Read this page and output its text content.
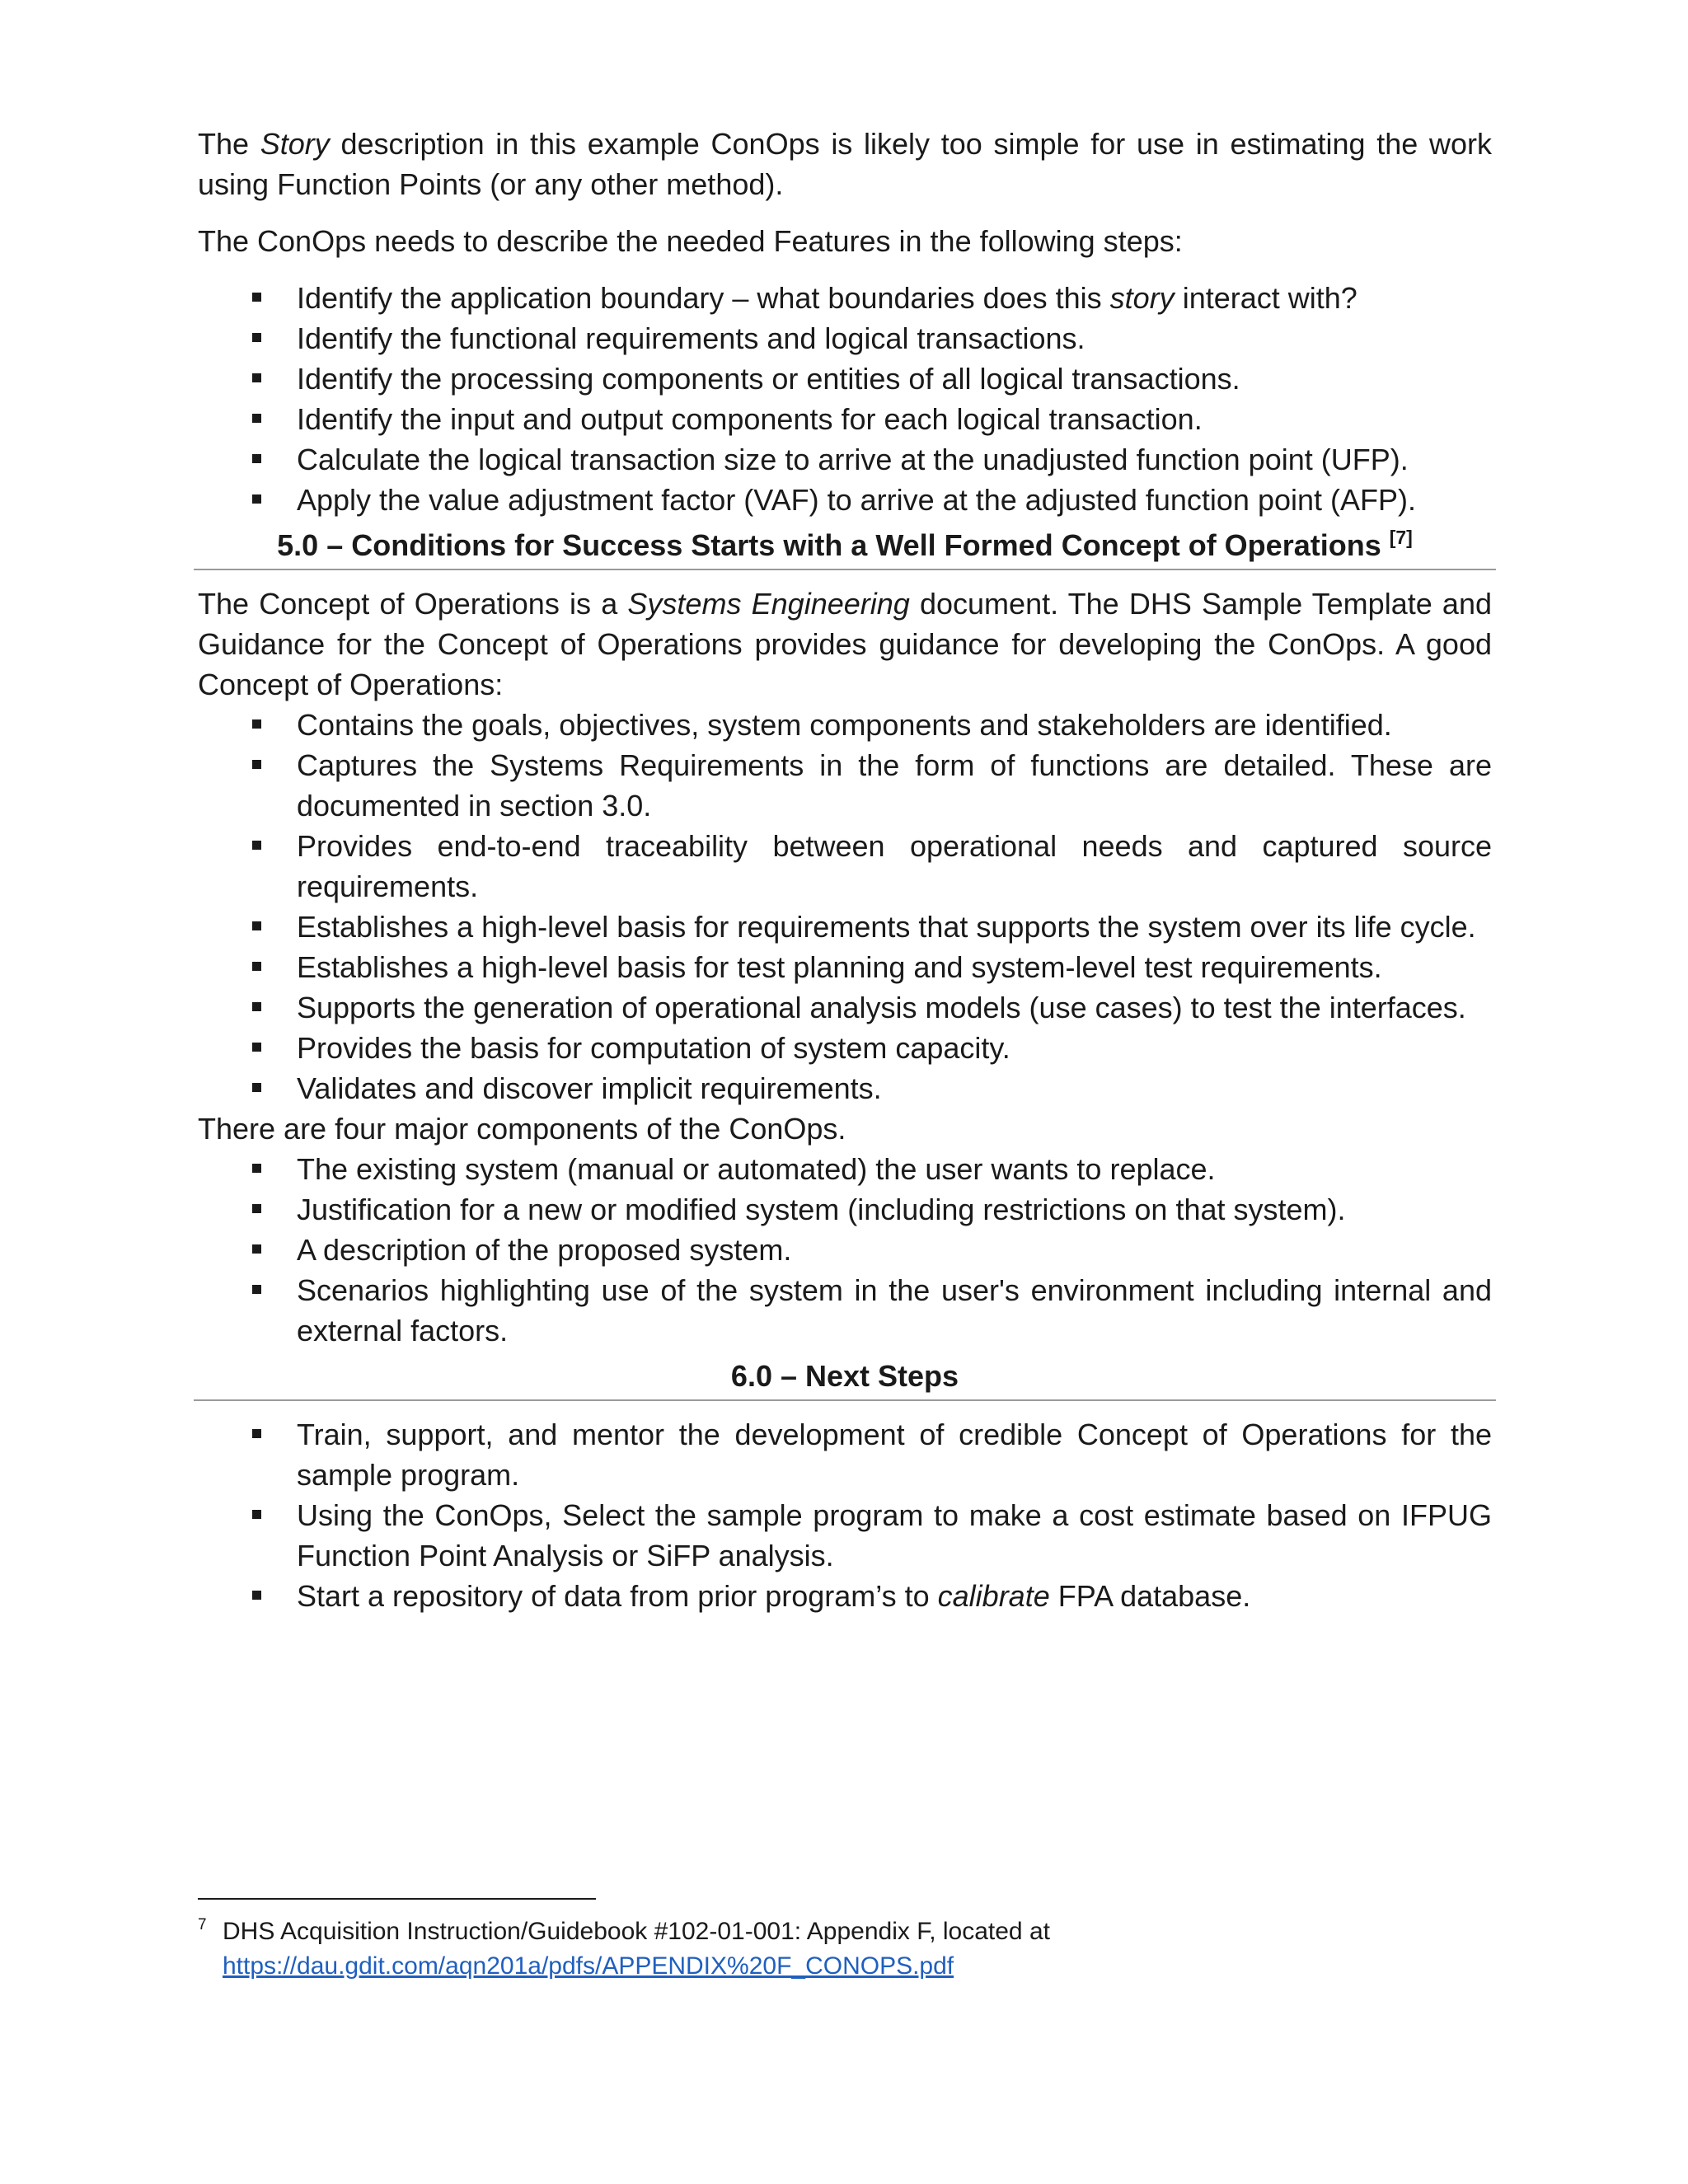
The Story description in this example ConOps is likely too simple for use in estimating the work using Function Points (or any other method).

The ConOps needs to describe the needed Features in the following steps:

Identify the application boundary – what boundaries does this story interact with?
Identify the functional requirements and logical transactions.
Identify the processing components or entities of all logical transactions.
Identify the input and output components for each logical transaction.
Calculate the logical transaction size to arrive at the unadjusted function point (UFP).
Apply the value adjustment factor (VAF) to arrive at the adjusted function point (AFP).
5.0 – Conditions for Success Starts with a Well Formed Concept of Operations [7]

The Concept of Operations is a Systems Engineering document. The DHS Sample Template and Guidance for the Concept of Operations provides guidance for developing the ConOps. A good Concept of Operations:

Contains the goals, objectives, system components and stakeholders are identified.
Captures the Systems Requirements in the form of functions are detailed. These are documented in section 3.0.
Provides end-to-end traceability between operational needs and captured source requirements.
Establishes a high-level basis for requirements that supports the system over its life cycle.
Establishes a high-level basis for test planning and system-level test requirements.
Supports the generation of operational analysis models (use cases) to test the interfaces.
Provides the basis for computation of system capacity.
Validates and discover implicit requirements.

There are four major components of the ConOps.

The existing system (manual or automated) the user wants to replace.
Justification for a new or modified system (including restrictions on that system).
A description of the proposed system.
Scenarios highlighting use of the system in the user's environment including internal and external factors.
6.0 – Next Steps
Train, support, and mentor the development of credible Concept of Operations for the sample program.
Using the ConOps, Select the sample program to make a cost estimate based on IFPUG Function Point Analysis or SiFP analysis.
Start a repository of data from prior program’s to calibrate FPA database.
7 DHS Acquisition Instruction/Guidebook #102-01-001: Appendix F, located at
https://dau.gdit.com/aqn201a/pdfs/APPENDIX%20F_CONOPS.pdf
